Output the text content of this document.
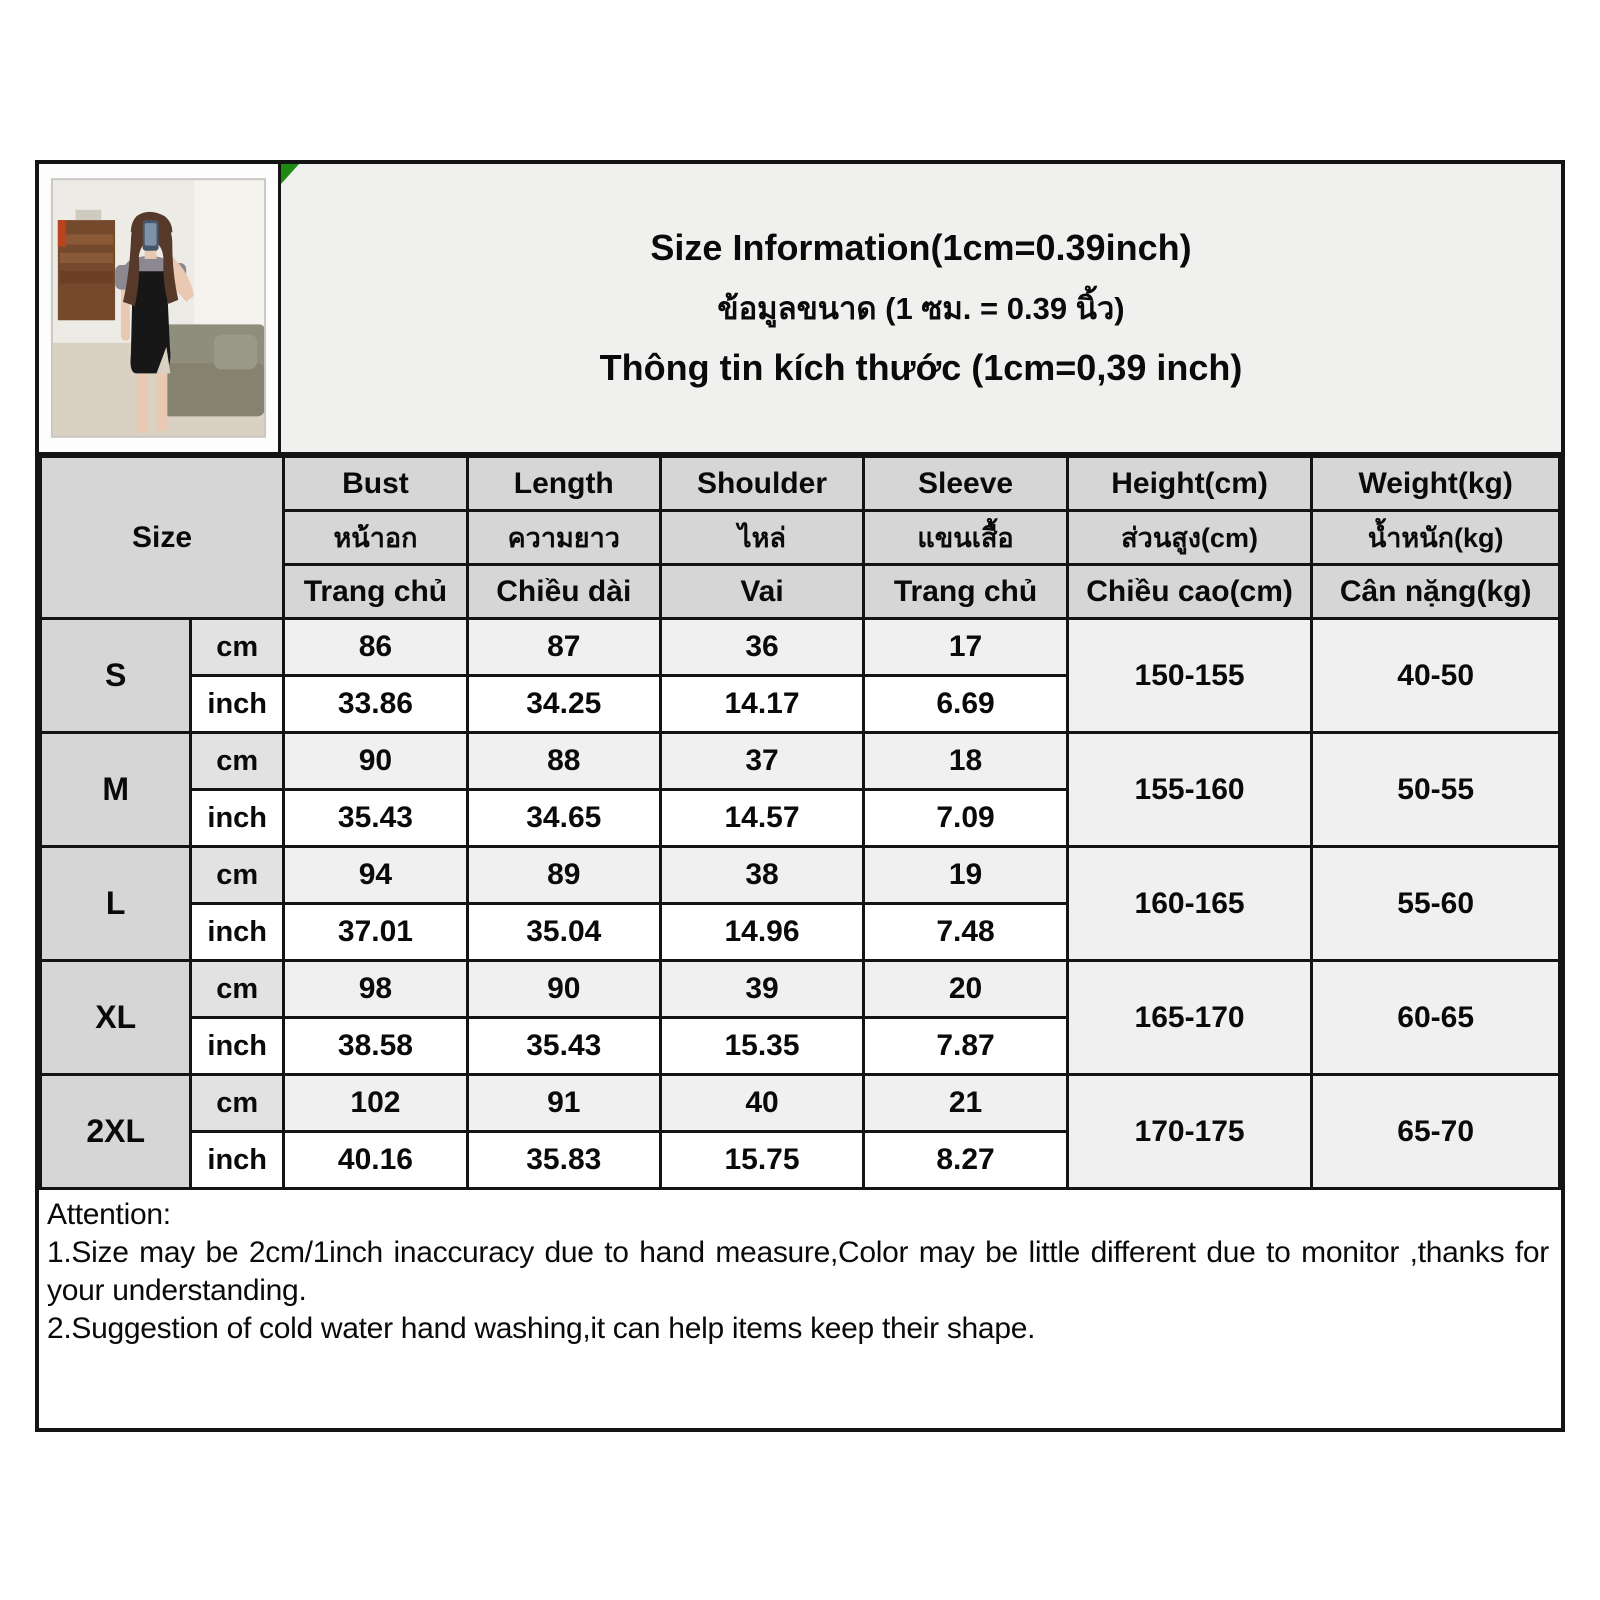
Size Information(1cm=0.39inch)
ข้อมูลขนาด (1 ซม. = 0.39 นิ้ว)
Thông tin kích thước (1cm=0,39 inch)
Size		Bust	Length	Shoulder	Sleeve	Height(cm)	Weight(kg)
		หน้าอก	ความยาว	ไหล่	แขนเสื้อ	ส่วนสูง(cm)	น้ำหนัก(kg)
		Trang chủ	Chiều dài	Vai	Trang chủ	Chiều cao(cm)	Cân nặng(kg)
S	cm	86	87	36	17	150-155	40-50
	inch	33.86	34.25	14.17	6.69		
M	cm	90	88	37	18	155-160	50-55
	inch	35.43	34.65	14.57	7.09		
L	cm	94	89	38	19	160-165	55-60
	inch	37.01	35.04	14.96	7.48		
XL	cm	98	90	39	20	165-170	60-65
	inch	38.58	35.43	15.35	7.87		
2XL	cm	102	91	40	21	170-175	65-70
	inch	40.16	35.83	15.75	8.27		
Attention:
1.Size may be 2cm/1inch inaccuracy due to hand measure,Color may be little different due to monitor ,thanks for your understanding.
2.Suggestion of cold water hand washing,it can help items keep their shape.
